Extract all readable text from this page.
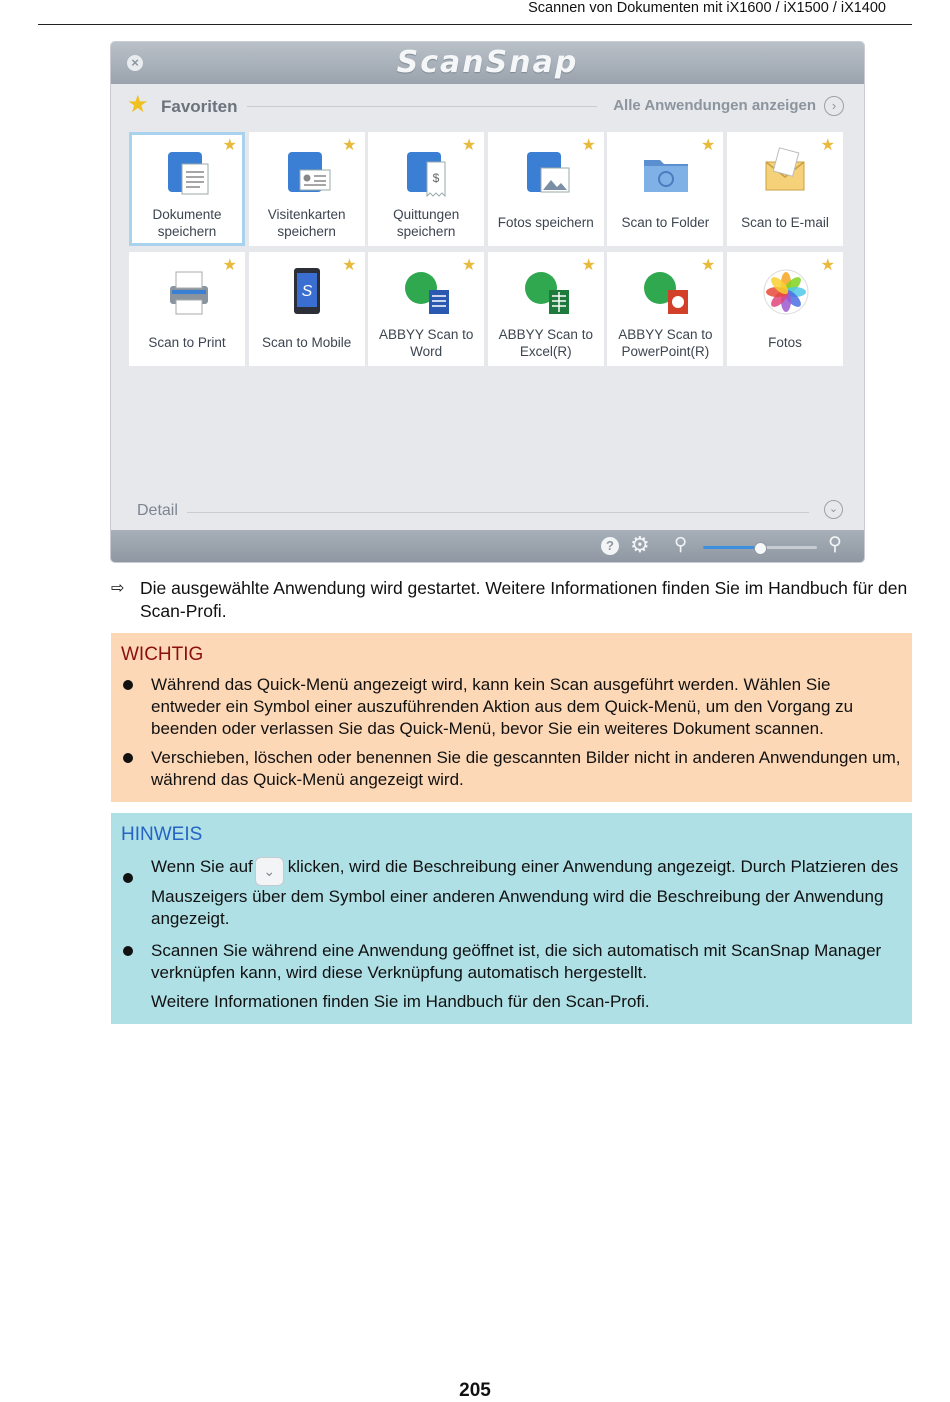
Scannen von Dokumenten mit iX1600 / iX1500 / iX1400
×	ScanSnap
★ Favoriten	Alle Anwendungen anzeigen	›
★
Dokumente
speichern
★
Visitenkarten
speichern
★
$
Quittungen
speichern
★
Fotos speichern
★
Scan to Folder
★
Scan to E-mail
★
Scan to Print
★
S
Scan to Mobile
★
ABBYY Scan to
Word
★
ABBYY Scan to
Excel(R)
★
ABBYY Scan to
PowerPoint(R)
★
Fotos
Detail	⌄
? ⚙ ⚲	⚲
⇨ Die ausgewählte Anwendung wird gestartet. Weitere Informationen finden Sie im Handbuch für den Scan-Profi.
WICHTIG
Während das Quick-Menü angezeigt wird, kann kein Scan ausgeführt werden. Wählen Sie entweder ein Symbol einer auszuführenden Aktion aus dem Quick-Menü, um den Vorgang zu beenden oder verlassen Sie das Quick-Menü, bevor Sie ein weiteres Dokument scannen.
Verschieben, löschen oder benennen Sie die gescannten Bilder nicht in anderen Anwendungen um, während das Quick-Menü angezeigt wird.
HINWEIS
Wenn Sie auf ⌄ klicken, wird die Beschreibung einer Anwendung angezeigt. Durch Platzieren des Mauszeigers über dem Symbol einer anderen Anwendung wird die Beschreibung der Anwendung angezeigt.
Scannen Sie während eine Anwendung geöffnet ist, die sich automatisch mit ScanSnap Manager verknüpfen kann, wird diese Verknüpfung automatisch hergestellt.
Weitere Informationen finden Sie im Handbuch für den Scan-Profi.
205
